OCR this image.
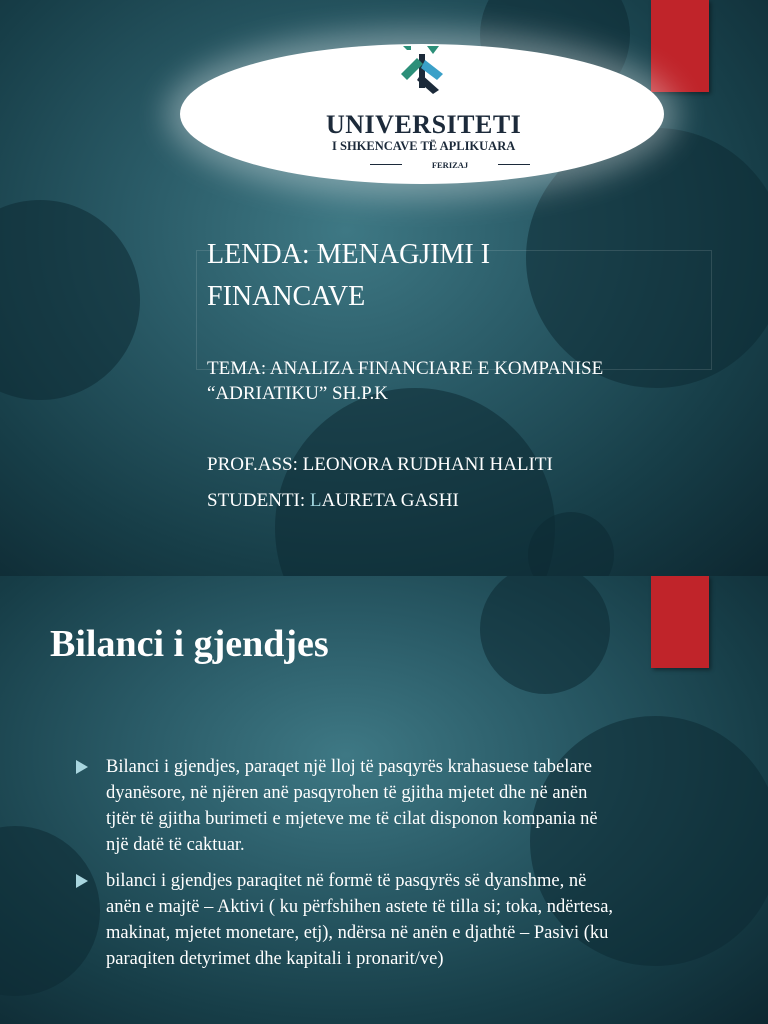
UNIVERSITETI
I SHKENCAVE TË APLIKUARA
FERIZAJ
LENDA: MENAGJIMI I FINANCAVE
TEMA: ANALIZA FINANCIARE E KOMPANISE “ADRIATIKU” SH.P.K
PROF.ASS: LEONORA RUDHANI HALITI
STUDENTI: LAURETA GASHI
Bilanci i gjendjes
Bilanci i gjendjes, paraqet një lloj të pasqyrës krahasuese tabelare dyanësore, në njëren anë pasqyrohen të gjitha mjetet dhe në anën tjtër të gjitha burimeti e mjeteve me të cilat disponon kompania në një datë të caktuar.
bilanci i gjendjes paraqitet në formë të pasqyrës së dyanshme, në anën e majtë – Aktivi ( ku përfshihen astete të tilla si; toka, ndërtesa, makinat, mjetet monetare, etj), ndërsa në anën e djathtë – Pasivi (ku paraqiten detyrimet dhe kapitali i pronarit/ve)
